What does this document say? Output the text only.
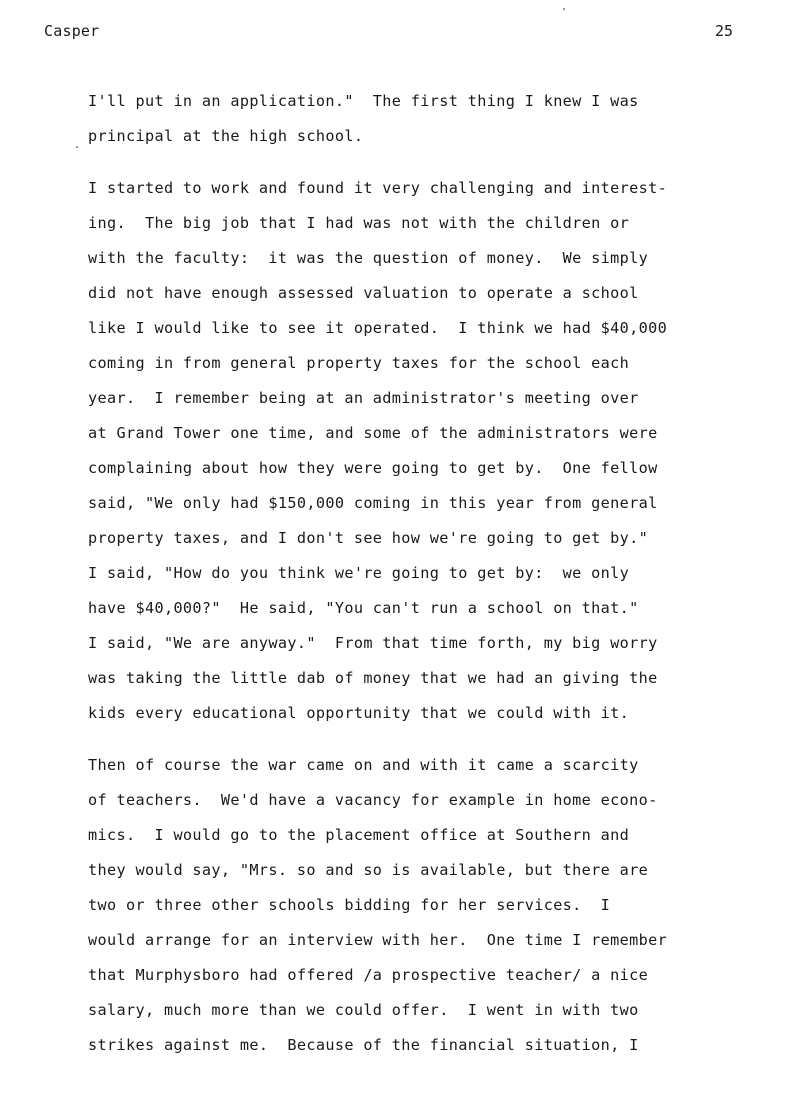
Casper	25
I'll put in an application."  The first thing I knew I was
principal at the high school.
I started to work and found it very challenging and interest-
ing.  The big job that I had was not with the children or
with the faculty:  it was the question of money.  We simply
did not have enough assessed valuation to operate a school
like I would like to see it operated.  I think we had $40,000
coming in from general property taxes for the school each
year.  I remember being at an administrator's meeting over
at Grand Tower one time, and some of the administrators were
complaining about how they were going to get by.  One fellow
said, "We only had $150,000 coming in this year from general
property taxes, and I don't see how we're going to get by."
I said, "How do you think we're going to get by:  we only
have $40,000?"  He said, "You can't run a school on that."
I said, "We are anyway."  From that time forth, my big worry
was taking the little dab of money that we had an giving the
kids every educational opportunity that we could with it.
Then of course the war came on and with it came a scarcity
of teachers.  We'd have a vacancy for example in home econo-
mics.  I would go to the placement office at Southern and
they would say, "Mrs. so and so is available, but there are
two or three other schools bidding for her services.  I
would arrange for an interview with her.  One time I remember
that Murphysboro had offered /a prospective teacher/ a nice
salary, much more than we could offer.  I went in with two
strikes against me.  Because of the financial situation, I
